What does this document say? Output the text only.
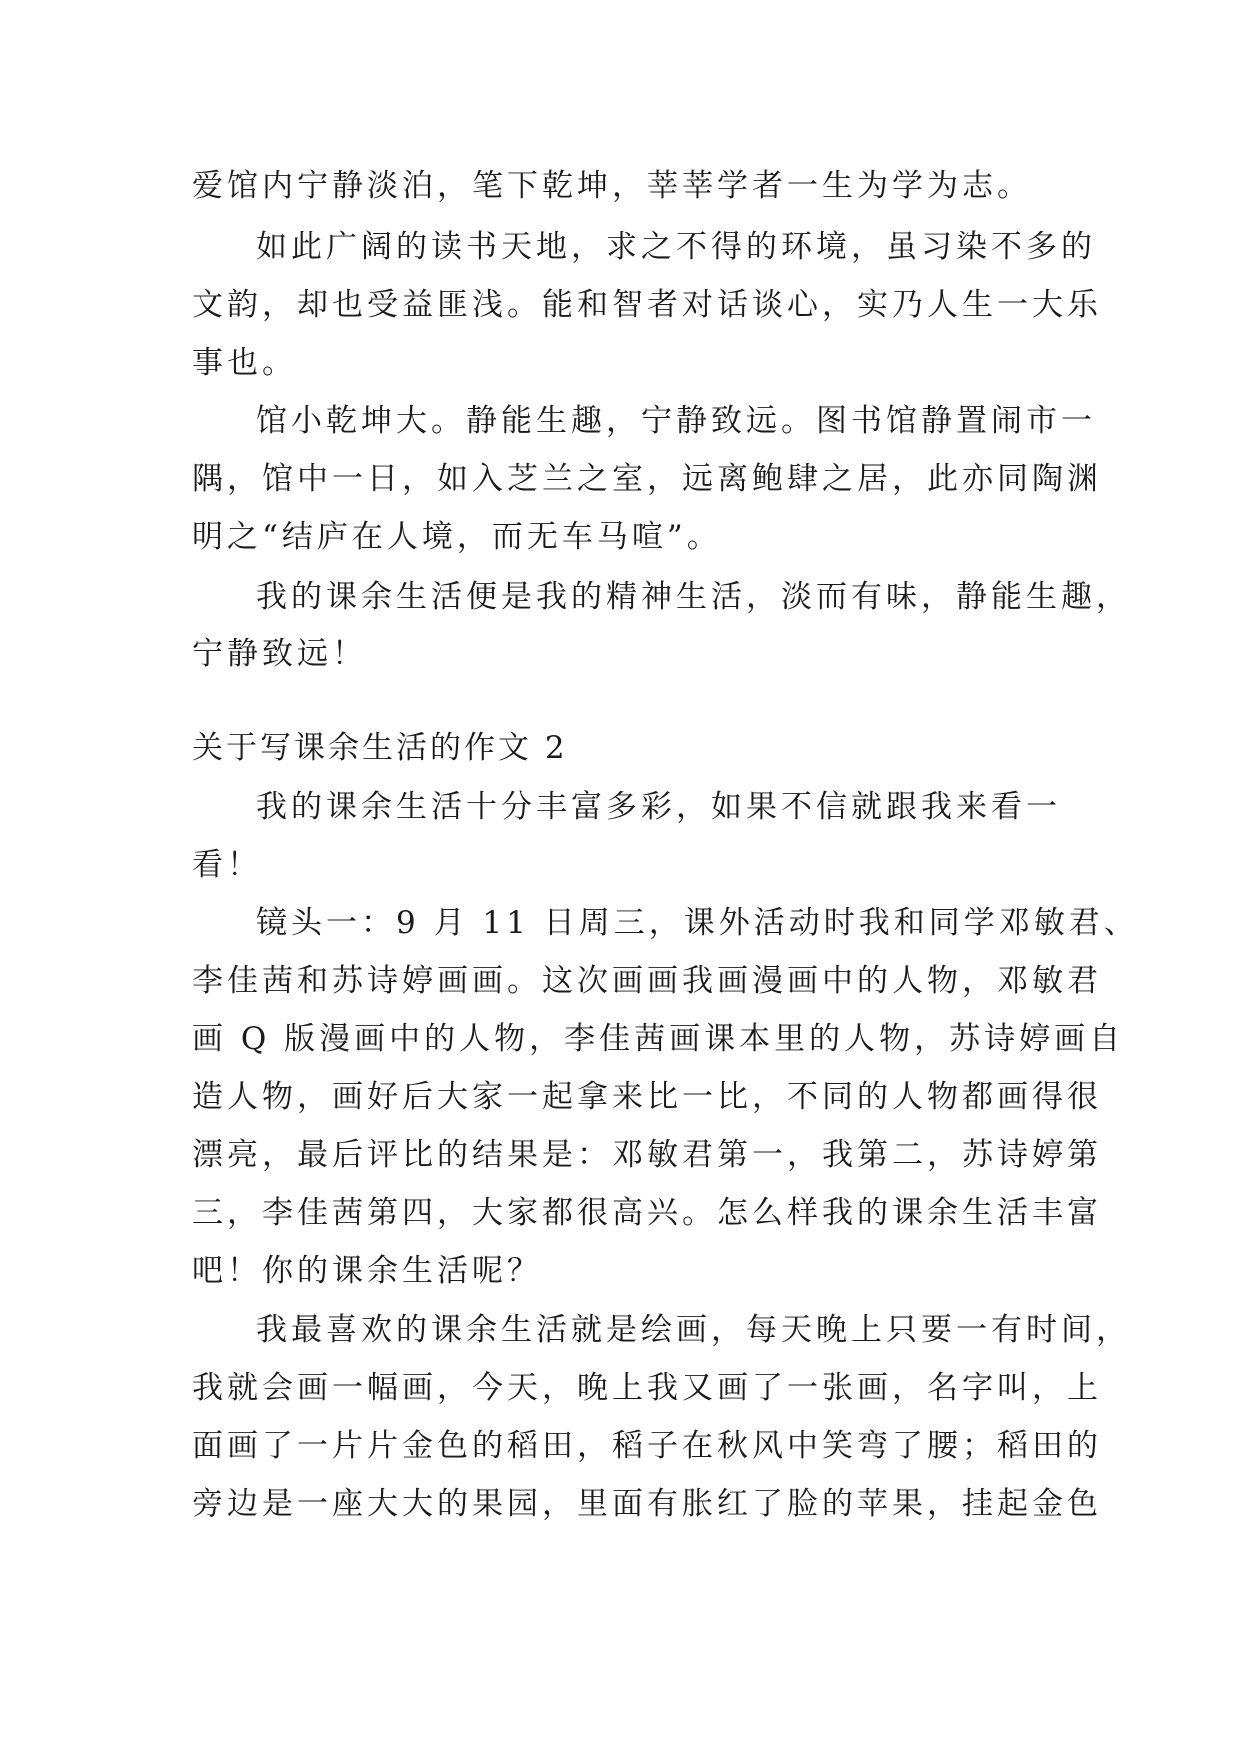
爱馆内宁静淡泊，笔下乾坤，莘莘学者一生为学为志。

如此广阔的读书天地，求之不得的环境，虽习染不多的

文韵，却也受益匪浅。能和智者对话谈心，实乃人生一大乐

事也。

馆小乾坤大。静能生趣，宁静致远。图书馆静置闹市一

隅，馆中一日，如入芝兰之室，远离鲍肆之居，此亦同陶渊

明之“结庐在人境，而无车马喧”。

我的课余生活便是我的精神生活，淡而有味，静能生趣，

宁静致远！

关于写课余生活的作文 2

我的课余生活十分丰富多彩，如果不信就跟我来看一

看！

镜头一：9 月 11 日周三，课外活动时我和同学邓敏君、

李佳茜和苏诗婷画画。这次画画我画漫画中的人物，邓敏君

画 Q 版漫画中的人物，李佳茜画课本里的人物，苏诗婷画自

造人物，画好后大家一起拿来比一比，不同的人物都画得很

漂亮，最后评比的结果是：邓敏君第一，我第二，苏诗婷第

三，李佳茜第四，大家都很高兴。怎么样我的课余生活丰富

吧！你的课余生活呢？

我最喜欢的课余生活就是绘画，每天晚上只要一有时间，

我就会画一幅画，今天，晚上我又画了一张画，名字叫，上

面画了一片片金色的稻田，稻子在秋风中笑弯了腰；稻田的

旁边是一座大大的果园，里面有胀红了脸的苹果，挂起金色
